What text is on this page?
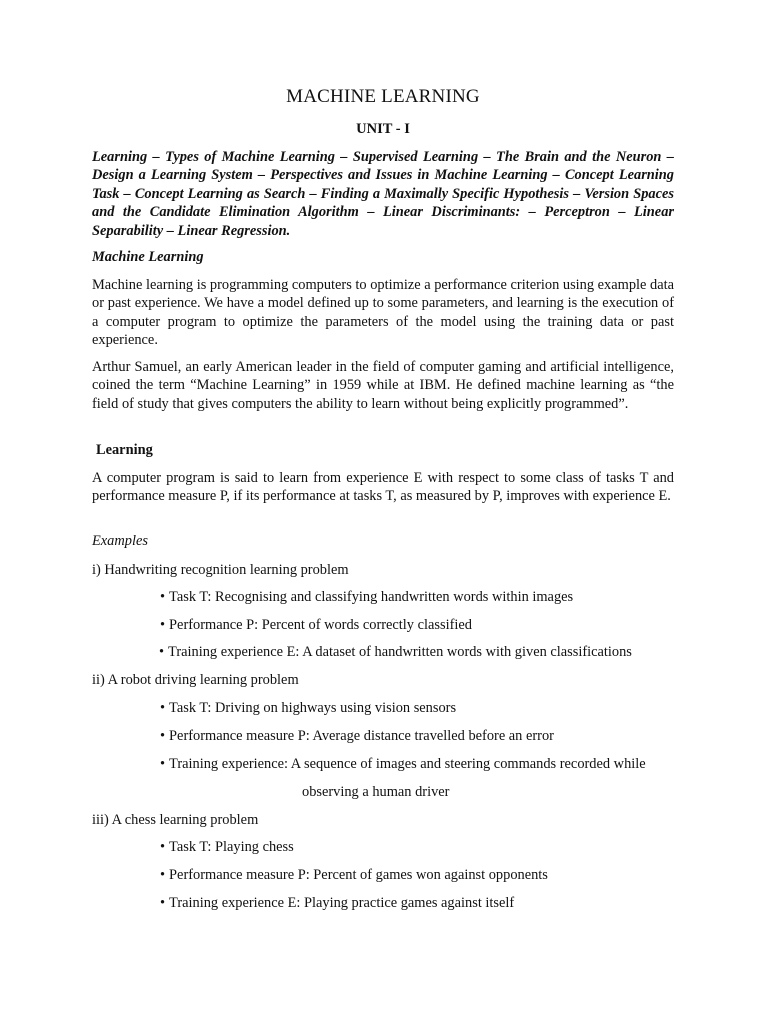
MACHINE LEARNING
UNIT - I

Learning – Types of Machine Learning – Supervised Learning – The Brain and the Neuron – Design a Learning System – Perspectives and Issues in Machine Learning – Concept Learning Task – Concept Learning as Search – Finding a Maximally Specific Hypothesis – Version Spaces and the Candidate Elimination Algorithm – Linear Discriminants: – Perceptron – Linear Separability – Linear Regression.

Machine Learning

Machine learning is programming computers to optimize a performance criterion using example data or past experience. We have a model defined up to some parameters, and learning is the execution of a computer program to optimize the parameters of the model using the training data or past experience.

Arthur Samuel, an early American leader in the field of computer gaming and artificial intelligence, coined the term “Machine Learning” in 1959 while at IBM. He defined machine learning as “the field of study that gives computers the ability to learn without being explicitly programmed”.

Learning

A computer program is said to learn from experience E with respect to some class of tasks T and performance measure P, if its performance at tasks T, as measured by P, improves with experience E.

Examples

i) Handwriting recognition learning problem

• Task T: Recognising and classifying handwritten words within images

• Performance P: Percent of words correctly classified

• Training experience E: A dataset of handwritten words with given classifications

ii) A robot driving learning problem

• Task T: Driving on highways using vision sensors

• Performance measure P: Average distance travelled before an error

• Training experience: A sequence of images and steering commands recorded while

observing a human driver

iii) A chess learning problem

• Task T: Playing chess

• Performance measure P: Percent of games won against opponents

• Training experience E: Playing practice games against itself
